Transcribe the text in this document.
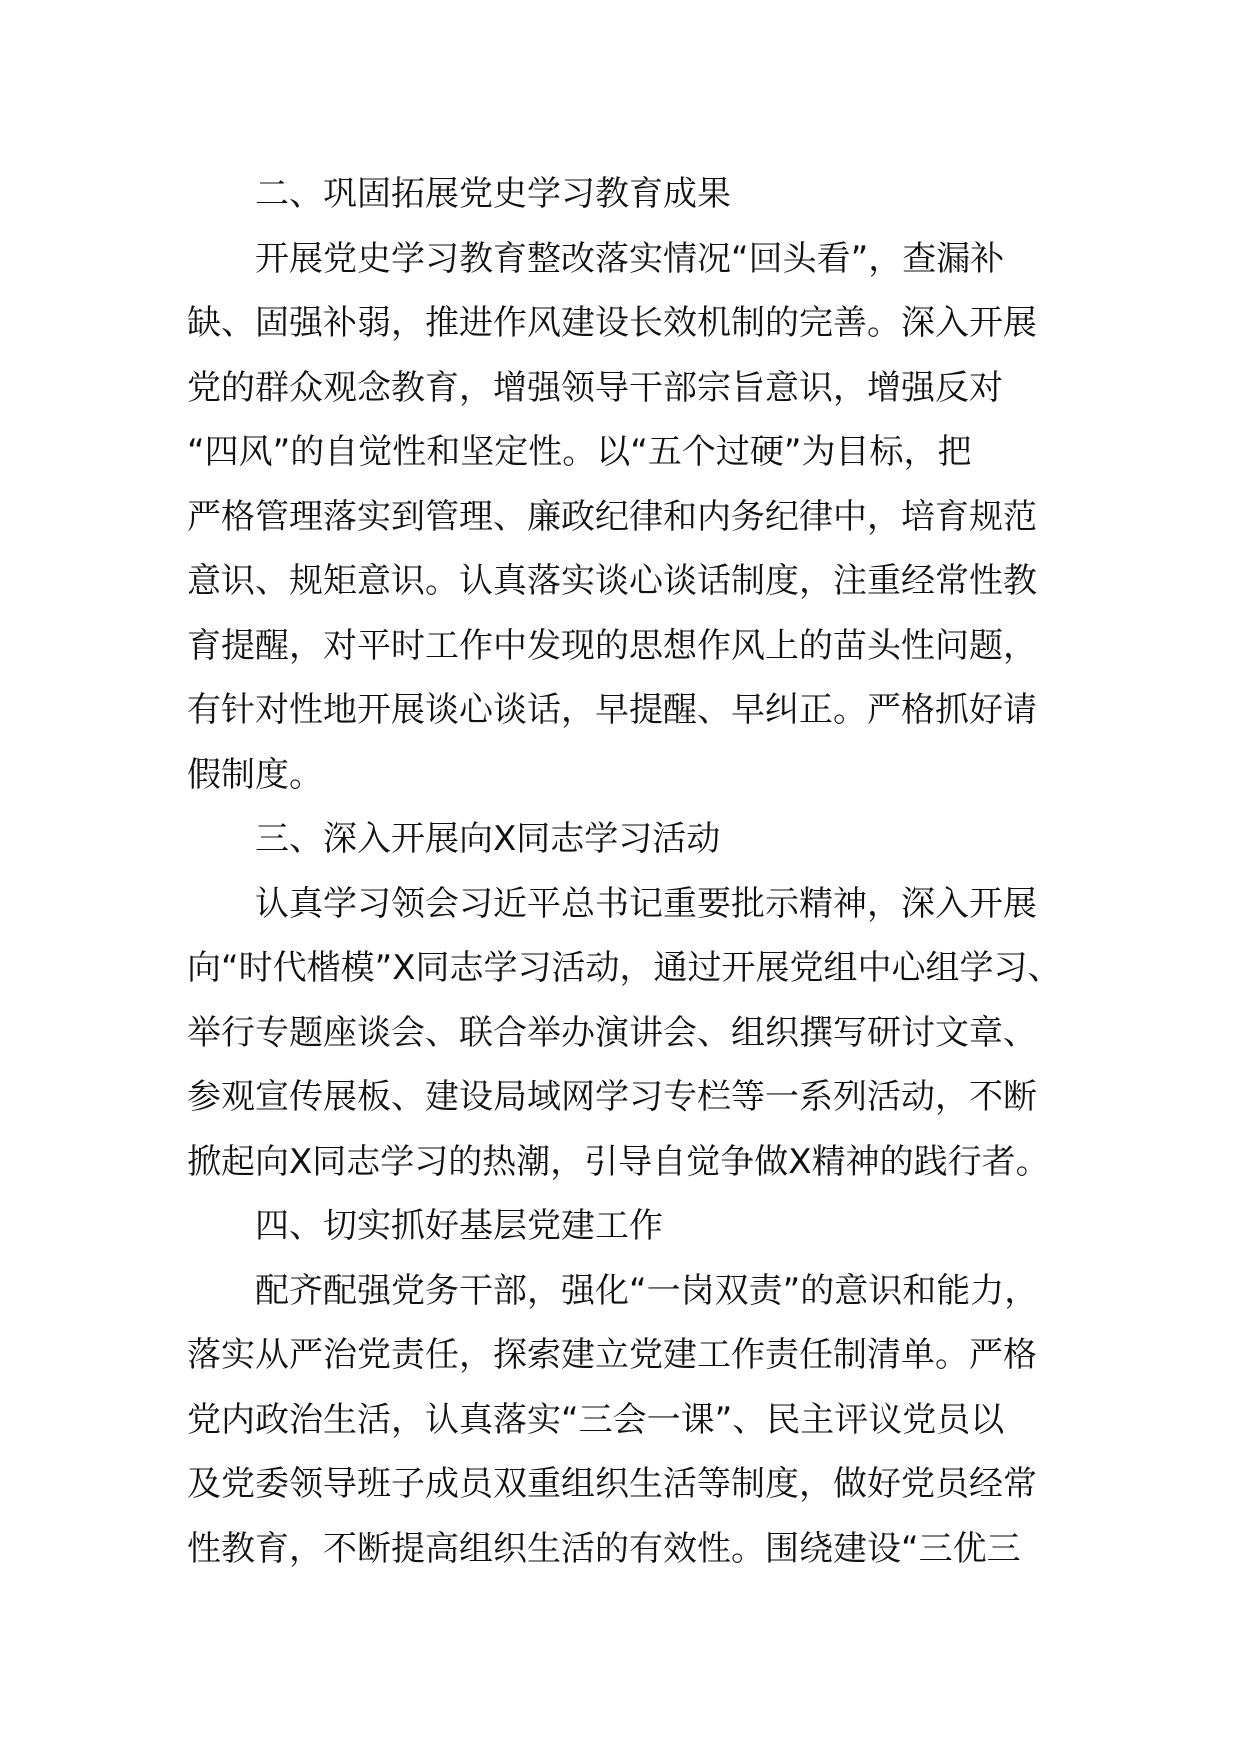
二、巩固拓展党史学习教育成果
开展党史学习教育整改落实情况“回头看”，查漏补
缺、固强补弱，推进作风建设长效机制的完善。深入开展
党的群众观念教育，增强领导干部宗旨意识，增强反对
“四风”的自觉性和坚定性。以“五个过硬”为目标，把
严格管理落实到管理、廉政纪律和内务纪律中，培育规范
意识、规矩意识。认真落实谈心谈话制度，注重经常性教
育提醒，对平时工作中发现的思想作风上的苗头性问题，
有针对性地开展谈心谈话，早提醒、早纠正。严格抓好请
假制度。
三、深入开展向X同志学习活动
认真学习领会习近平总书记重要批示精神，深入开展
向“时代楷模”X同志学习活动，通过开展党组中心组学习、
举行专题座谈会、联合举办演讲会、组织撰写研讨文章、
参观宣传展板、建设局域网学习专栏等一系列活动，不断
掀起向X同志学习的热潮，引导自觉争做X精神的践行者。
四、切实抓好基层党建工作
配齐配强党务干部，强化“一岗双责”的意识和能力，
落实从严治党责任，探索建立党建工作责任制清单。严格
党内政治生活，认真落实“三会一课”、民主评议党员以
及党委领导班子成员双重组织生活等制度，做好党员经常
性教育，不断提高组织生活的有效性。围绕建设“三优三
